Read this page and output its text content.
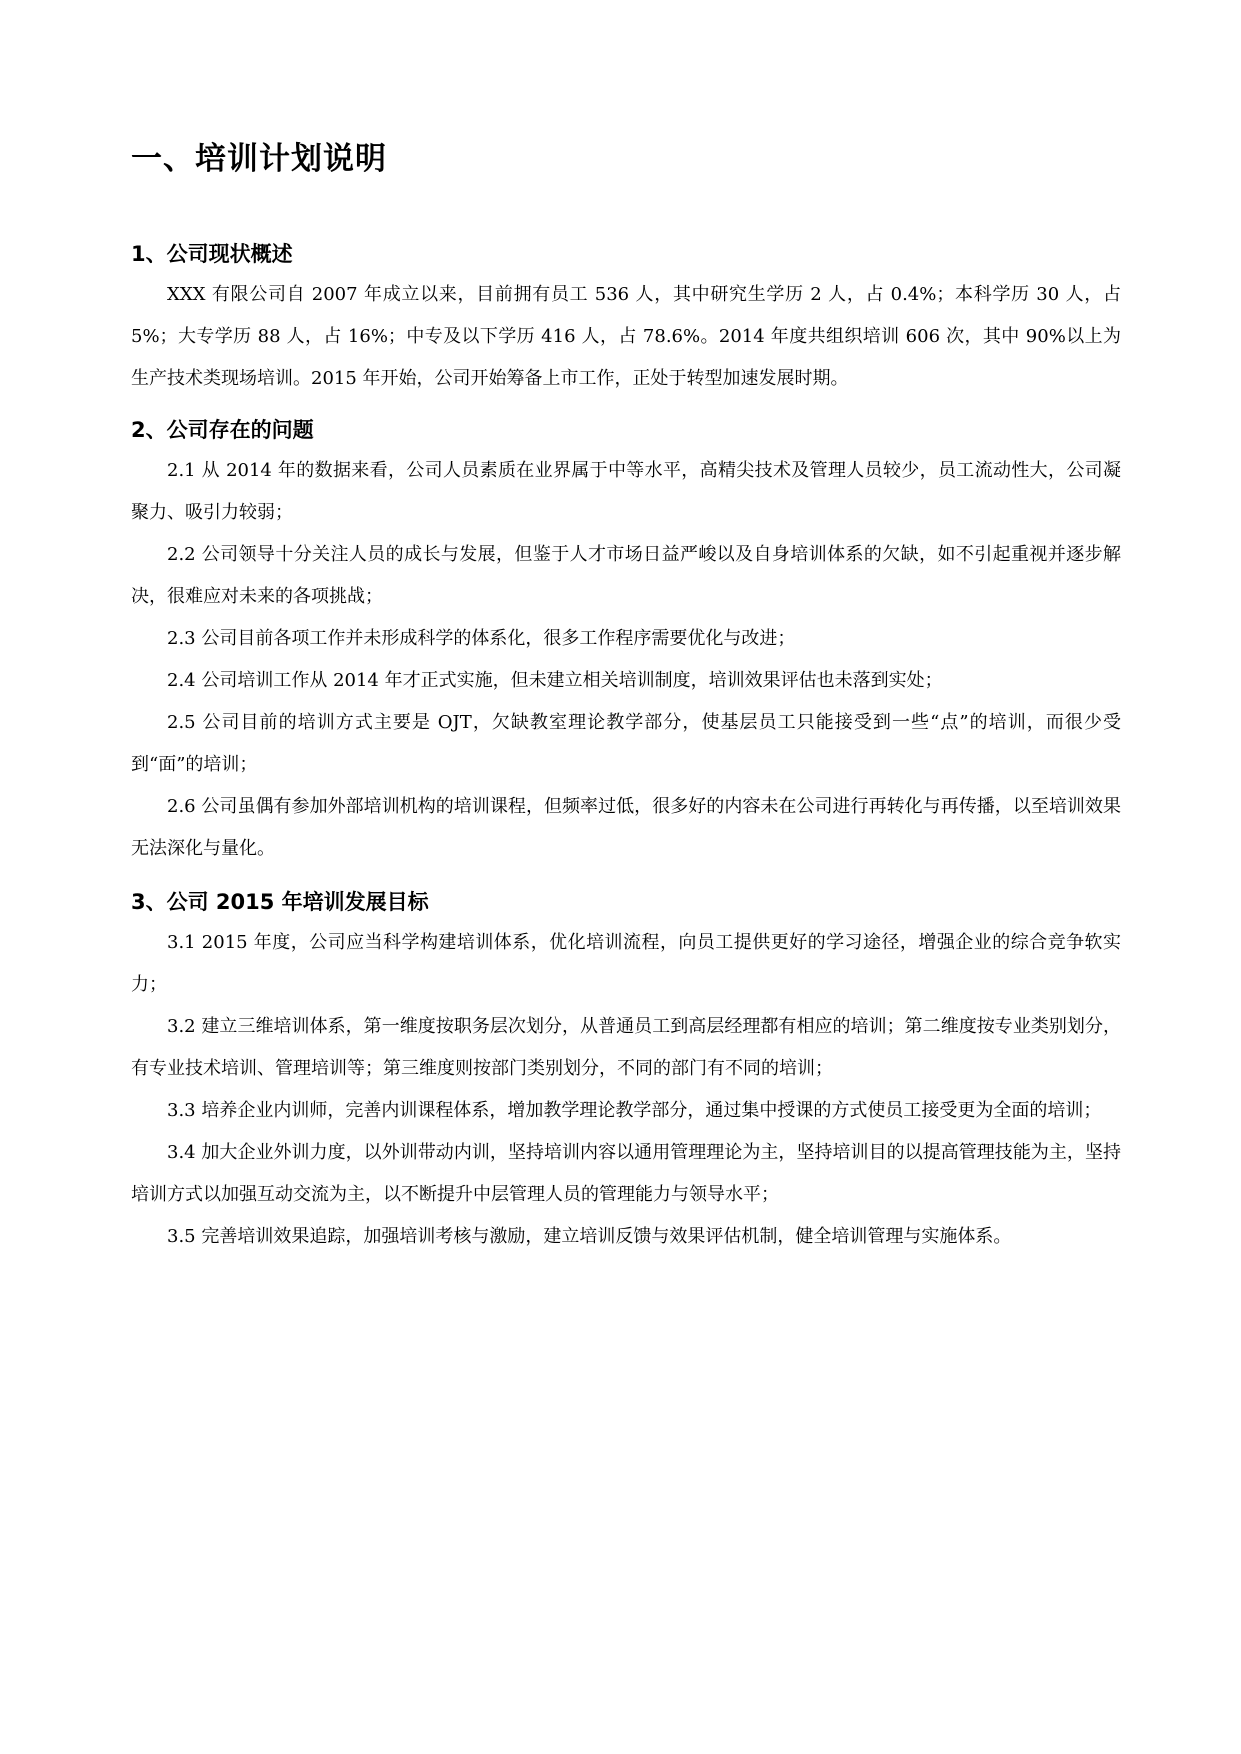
一、培训计划说明
1、公司现状概述

XXX 有限公司自 2007 年成立以来，目前拥有员工 536 人，其中研究生学历 2 人，占 0.4%；本科学历 30 人，占 5%；大专学历 88 人，占 16%；中专及以下学历 416 人，占 78.6%。2014 年度共组织培训 606 次，其中 90%以上为生产技术类现场培训。2015 年开始，公司开始筹备上市工作，正处于转型加速发展时期。

2、公司存在的问题

2.1 从 2014 年的数据来看，公司人员素质在业界属于中等水平，高精尖技术及管理人员较少，员工流动性大，公司凝聚力、吸引力较弱；

2.2 公司领导十分关注人员的成长与发展，但鉴于人才市场日益严峻以及自身培训体系的欠缺，如不引起重视并逐步解决，很难应对未来的各项挑战；

2.3 公司目前各项工作并未形成科学的体系化，很多工作程序需要优化与改进；

2.4 公司培训工作从 2014 年才正式实施，但未建立相关培训制度，培训效果评估也未落到实处；

2.5 公司目前的培训方式主要是 OJT，欠缺教室理论教学部分，使基层员工只能接受到一些“点”的培训，而很少受到“面”的培训；

2.6 公司虽偶有参加外部培训机构的培训课程，但频率过低，很多好的内容未在公司进行再转化与再传播，以至培训效果无法深化与量化。

3、公司 2015 年培训发展目标

3.1 2015 年度，公司应当科学构建培训体系，优化培训流程，向员工提供更好的学习途径，增强企业的综合竞争软实力；

3.2 建立三维培训体系，第一维度按职务层次划分，从普通员工到高层经理都有相应的培训；第二维度按专业类别划分，有专业技术培训、管理培训等；第三维度则按部门类别划分，不同的部门有不同的培训；

3.3 培养企业内训师，完善内训课程体系，增加教学理论教学部分，通过集中授课的方式使员工接受更为全面的培训；

3.4 加大企业外训力度，以外训带动内训，坚持培训内容以通用管理理论为主，坚持培训目的以提高管理技能为主，坚持培训方式以加强互动交流为主，以不断提升中层管理人员的管理能力与领导水平；

3.5 完善培训效果追踪，加强培训考核与激励，建立培训反馈与效果评估机制，健全培训管理与实施体系。
